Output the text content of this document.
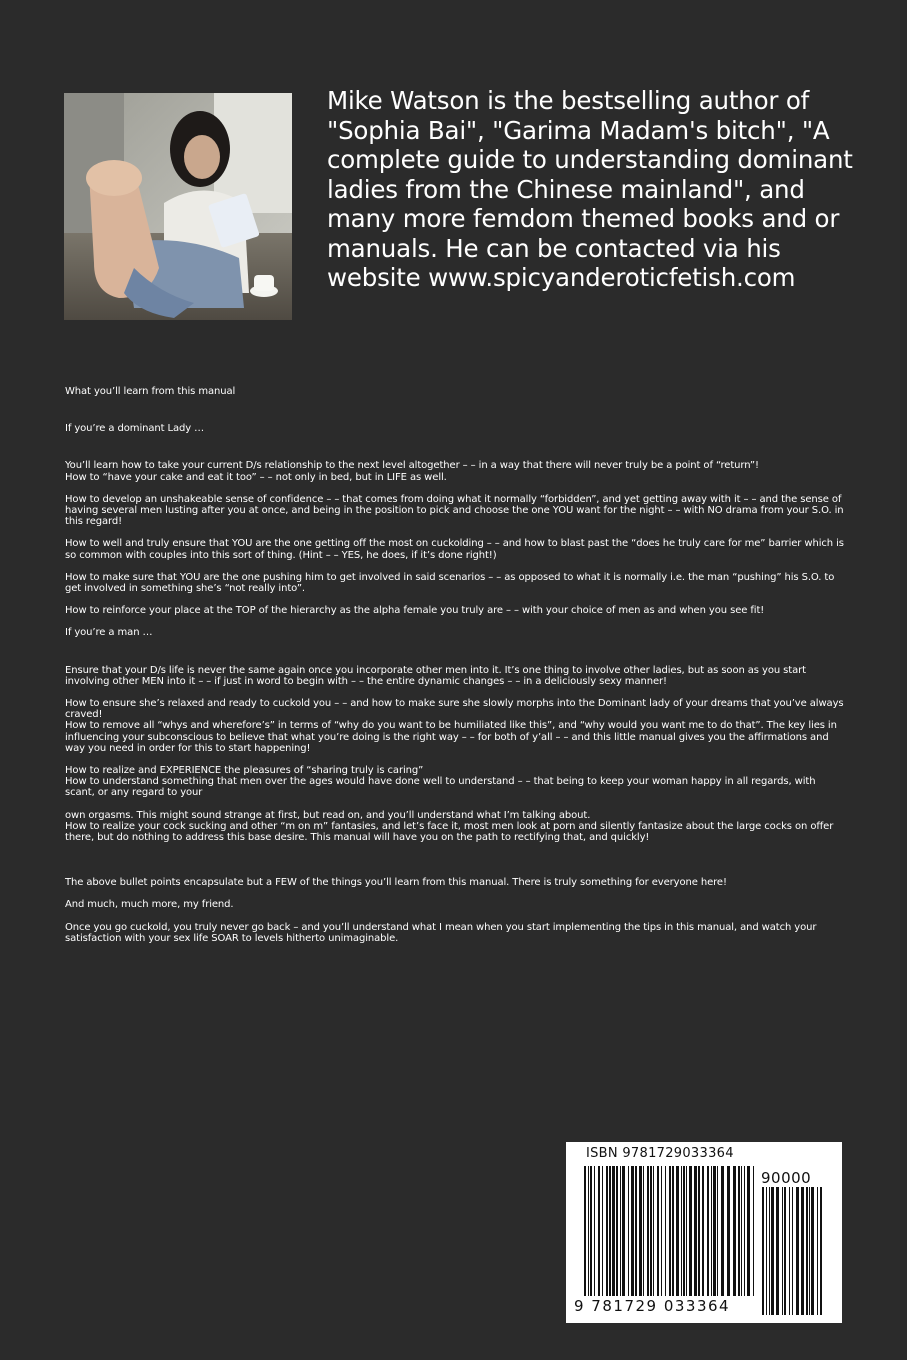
Mike Watson is the bestselling author of "Sophia Bai", "Garima Madam's bitch", "A complete guide to understanding dominant ladies from the Chinese mainland", and many more femdom themed books and or manuals. He can be contacted via his website www.spicyanderoticfetish.com

What you’ll learn from this manual

If you’re a dominant Lady …

You’ll learn how to take your current D/s relationship to the next level altogether – – in a way that there will never truly be a point of “return”!

How to “have your cake and eat it too” – – not only in bed, but in LIFE as well.

How to develop an unshakeable sense of confidence – – that comes from doing what it normally “forbidden”, and yet getting away with it – – and the sense of having several men lusting after you at once, and being in the position to pick and choose the one YOU want for the night – – with NO drama from your S.O. in this regard!

How to well and truly ensure that YOU are the one getting off the most on cuckolding – – and how to blast past the “does he truly care for me” barrier which is so common with couples into this sort of thing. (Hint – – YES, he does, if it’s done right!)

How to make sure that YOU are the one pushing him to get involved in said scenarios – – as opposed to what it is normally i.e. the man “pushing” his S.O. to get involved in something she’s “not really into”.

How to reinforce your place at the TOP of the hierarchy as the alpha female you truly are – – with your choice of men as and when you see fit!

If you’re a man …

Ensure that your D/s life is never the same again once you incorporate other men into it. It’s one thing to involve other ladies, but as soon as you start involving other MEN into it – – if just in word to begin with – – the entire dynamic changes – – in a deliciously sexy manner!

How to ensure she’s relaxed and ready to cuckold you – – and how to make sure she slowly morphs into the Dominant lady of your dreams that you’ve always craved!

How to remove all “whys and wherefore’s” in terms of “why do you want to be humiliated like this”, and “why would you want me to do that”. The key lies in influencing your subconscious to believe that what you’re doing is the right way – – for both of y’all – – and this little manual gives you the affirmations and way you need in order for this to start happening!

How to realize and EXPERIENCE the pleasures of “sharing truly is caring”

How to understand something that men over the ages would have done well to understand – – that being to keep your woman happy in all regards, with scant, or any regard to your

own orgasms. This might sound strange at first, but read on, and you’ll understand what I’m talking about.

How to realize your cock sucking and other “m on m” fantasies, and let’s face it, most men look at porn and silently fantasize about the large cocks on offer there, but do nothing to address this base desire. This manual will have you on the path to rectifying that, and quickly!

The above bullet points encapsulate but a FEW of the things you’ll learn from this manual. There is truly something for everyone here!

And much, much more, my friend.

Once you go cuckold, you truly never go back – and you’ll understand what I mean when you start implementing the tips in this manual, and watch your satisfaction with your sex life SOAR to levels hitherto unimaginable.

ISBN 9781729033364
90000
9 781729 033364
